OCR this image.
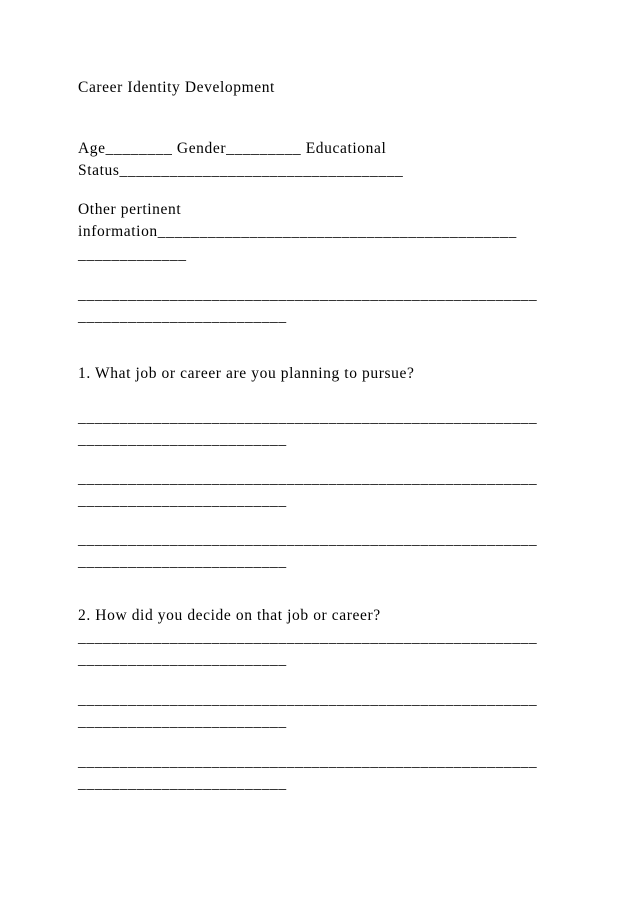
Career Identity Development
Age________ Gender_________ Educational
Status__________________________________
Other pertinent
information___________________________________________
_____________
_______________________________________________________
_________________________
1. What job or career are you planning to pursue?
_______________________________________________________
_________________________
_______________________________________________________
_________________________
_______________________________________________________
_________________________
2. How did you decide on that job or career?
_______________________________________________________
_________________________
_______________________________________________________
_________________________
_______________________________________________________
_________________________
